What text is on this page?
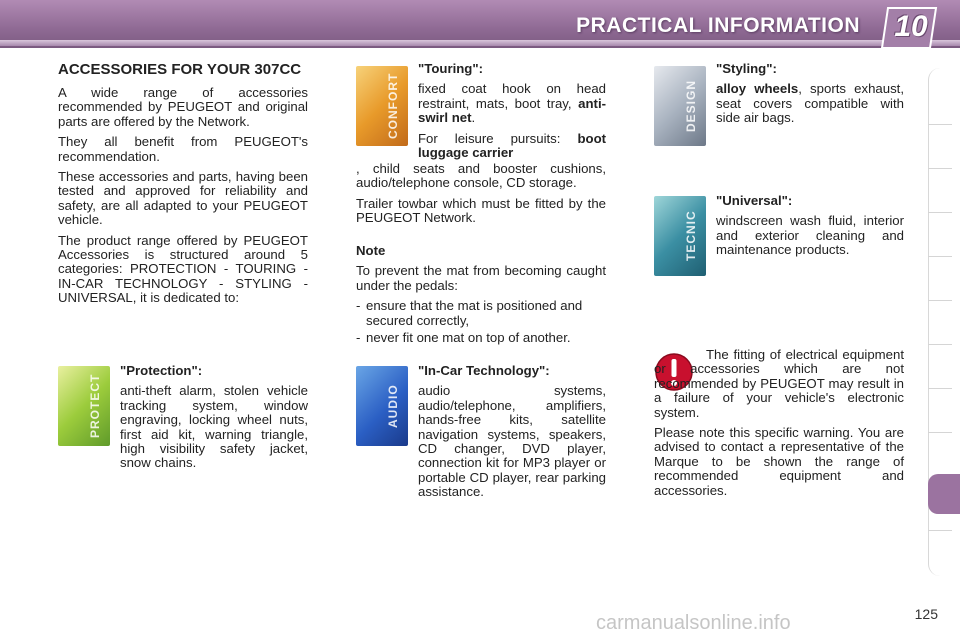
PRACTICAL INFORMATION 10
ACCESSORIES FOR YOUR 307CC

A wide range of accessories recommended by PEUGEOT and original parts are offered by the Network.

They all benefit from PEUGEOT's recommendation.

These accessories and parts, having been tested and approved for reliability and safety, are all adapted to your PEUGEOT vehicle.

The product range offered by PEUGEOT Accessories is structured around 5 categories: PROTECTION - TOURING - IN-CAR TECHNOLOGY - STYLING - UNIVERSAL, it is dedicated to:

PROTECT
"Protection":

anti-theft alarm, stolen vehicle tracking system, window engraving, locking wheel nuts, first aid kit, warning triangle, high visibility safety jacket, snow chains.

CONFORT
"Touring":

fixed coat hook on head restraint, mats, boot tray, anti-swirl net.

For leisure pursuits: boot luggage carrier

, child seats and booster cushions, audio/telephone console, CD storage.

Trailer towbar which must be fitted by the PEUGEOT Network.

Note

To prevent the mat from becoming caught under the pedals:

- ensure that the mat is positioned and secured correctly,
- never fit one mat on top of another.
AUDIO
"In-Car Technology":

audio systems, audio/telephone, amplifiers, hands-free kits, satellite navigation systems, speakers, CD changer, DVD player, connection kit for MP3 player or portable CD player, rear parking assistance.

DESIGN
"Styling":

alloy wheels, sports exhaust, seat covers compatible with side air bags.

TECNIC
"Universal":

windscreen wash fluid, interior and exterior cleaning and maintenance products.

The fitting of electrical equipment or accessories which are not recommended by PEUGEOT may result in a failure of your vehicle's electronic system.

Please note this specific warning. You are advised to contact a representative of the Marque to be shown the range of recommended equipment and accessories.

125
carmanualsonline.info
